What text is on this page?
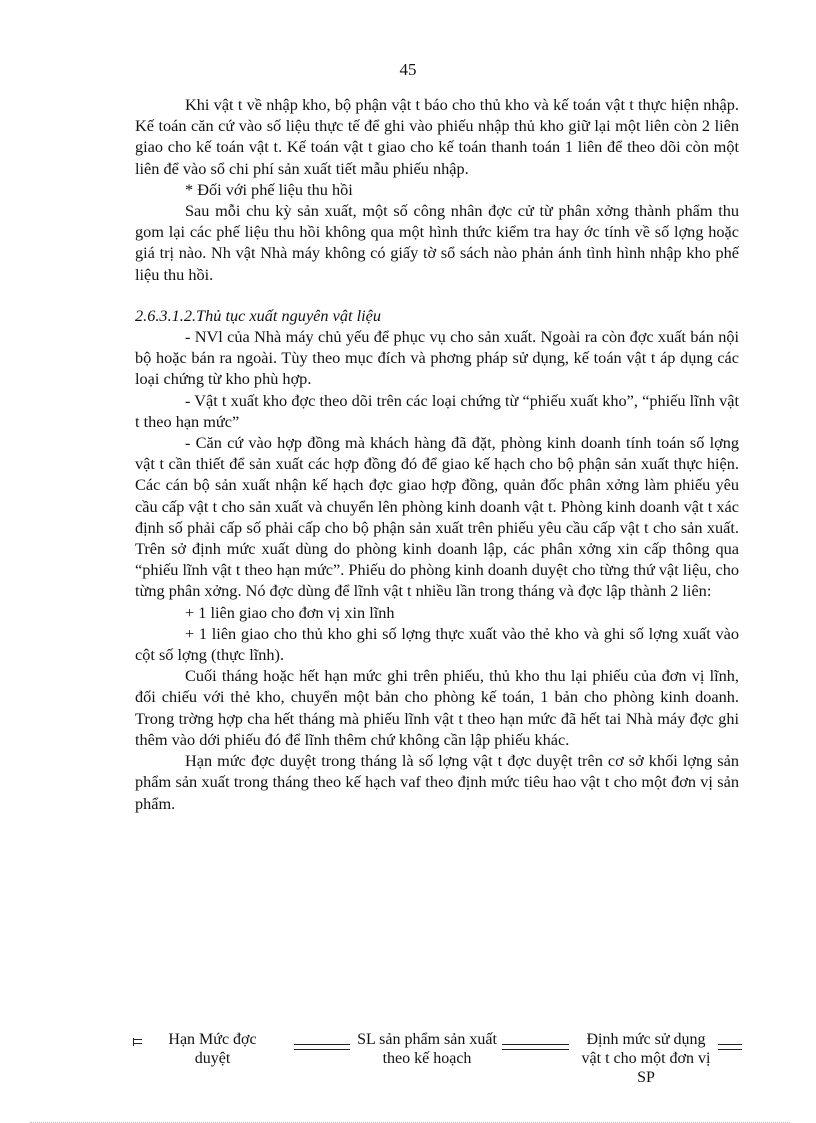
45

Khi vật t về nhập kho, bộ phận vật t báo cho thủ kho và kế toán vật t thực hiện nhập. Kế toán căn cứ vào số liệu thực tế để ghi vào phiếu nhập thủ kho giữ lại một liên còn 2 liên giao cho kế toán vật t. Kế toán vật t giao cho kế toán thanh toán 1 liên để theo dõi còn một liên để vào sổ chi phí sản xuất tiết mẫu phiếu nhập.

* Đối với phế liệu thu hồi

Sau mỗi chu kỳ sản xuất, một số công nhân đợc cử từ phân xởng thành phẩm thu gom lại các phế liệu thu hồi không qua một hình thức kiểm tra hay ớc tính về số lợng hoặc giá trị nào. Nh vật Nhà máy không có giấy tờ sổ sách nào phản ánh tình hình nhập kho phế liệu thu hồi.

2.6.3.1.2.Thủ tục xuất nguyên vật liệu

- NVl của Nhà máy chủ yếu để phục vụ cho sản xuất. Ngoài ra còn đợc xuất bán nội bộ hoặc bán ra ngoài. Tùy theo mục đích và phơng pháp sử dụng, kế toán vật t áp dụng các loại chứng từ kho phù hợp.

- Vật t xuất kho đợc theo dõi trên các loại chứng từ “phiếu xuất kho”, “phiếu lĩnh vật t theo hạn mức”

- Căn cứ vào hợp đồng mà khách hàng đã đặt, phòng kinh doanh tính toán số lợng vật t cần thiết để sản xuất các hợp đồng đó để giao kế hạch cho bộ phận sản xuất thực hiện. Các cán bộ sản xuất nhận kế hạch đợc giao hợp đồng, quản đốc phân xởng làm phiếu yêu cầu cấp vật t cho sản xuất và chuyển lên phòng kinh doanh vật t. Phòng kinh doanh vật t xác định số phải cấp số phải cấp cho bộ phận sản xuất trên phiếu yêu cầu cấp vật t cho sản xuất. Trên sở định mức xuất dùng do phòng kinh doanh lập, các phân xởng xin cấp thông qua “phiếu lĩnh vật t theo hạn mức”. Phiếu do phòng kinh doanh duyệt cho từng thứ vật liệu, cho từng phân xởng. Nó đợc dùng để lĩnh vật t nhiều lần trong tháng và đợc lập thành 2 liên:

+ 1 liên giao cho đơn vị xin lĩnh

+ 1 liên giao cho thủ kho ghi số lợng thực xuất vào thẻ kho và ghi số lợng xuất vào cột số lợng (thực lĩnh).

Cuối tháng hoặc hết hạn mức ghi trên phiếu, thủ kho thu lại phiếu của đơn vị lĩnh, đối chiếu với thẻ kho, chuyển một bản cho phòng kế toán, 1 bản cho phòng kinh doanh. Trong trờng hợp cha hết tháng mà phiếu lĩnh vật t theo hạn mức đã hết tai Nhà máy đợc ghi thêm vào dới phiếu đó để lĩnh thêm chứ không cần lập phiếu khác.

Hạn mức đợc duyệt trong tháng là số lợng vật t đợc duyệt trên cơ sở khối lợng sản phẩm sản xuất trong tháng theo kế hạch vaf theo định mức tiêu hao vật t cho một đơn vị sản phẩm.

Hạn Mức đợc duyệt
SL sản phẩm sản xuất theo kế hoạch
Định mức sử dụng vật t cho một đơn vị SP
